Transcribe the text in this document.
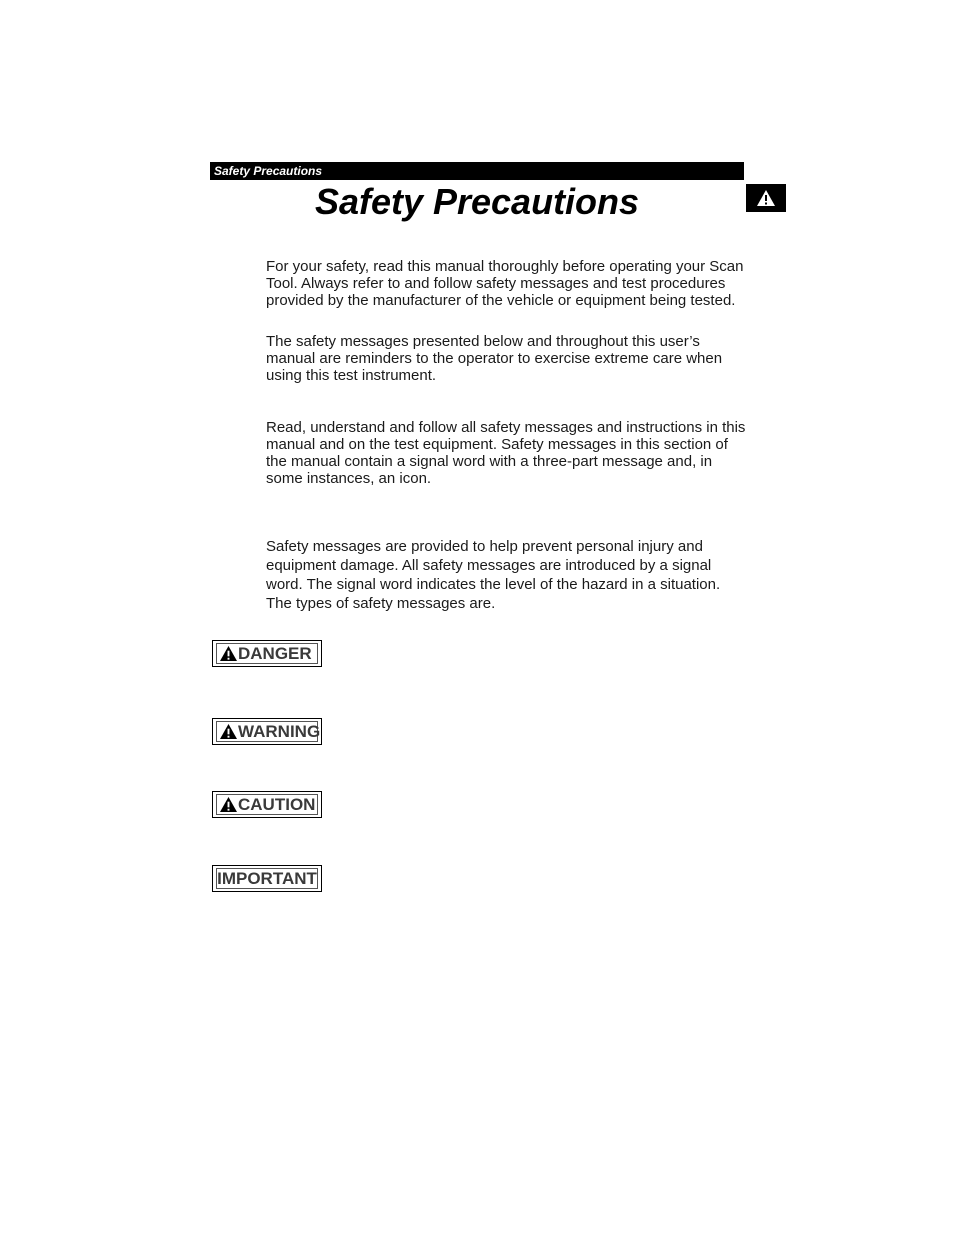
Safety Precautions
Safety Precautions

For your safety, read this manual thoroughly before operating your Scan Tool. Always refer to and follow safety messages and test procedures provided by the manufacturer of the vehicle or equipment being tested.

The safety messages presented below and throughout this user’s manual are reminders to the operator to exercise extreme care when using this test instrument.

Read, understand and follow all safety messages and instructions in this manual and on the test equipment. Safety messages in this section of the manual contain a signal word with a three-part message and, in some instances, an icon.

Safety messages are provided to help prevent personal injury and equipment damage. All safety messages are introduced by a signal word. The signal word indicates the level of the hazard in a situation. The types of safety messages are.

DANGER
WARNING
CAUTION
IMPORTANT
